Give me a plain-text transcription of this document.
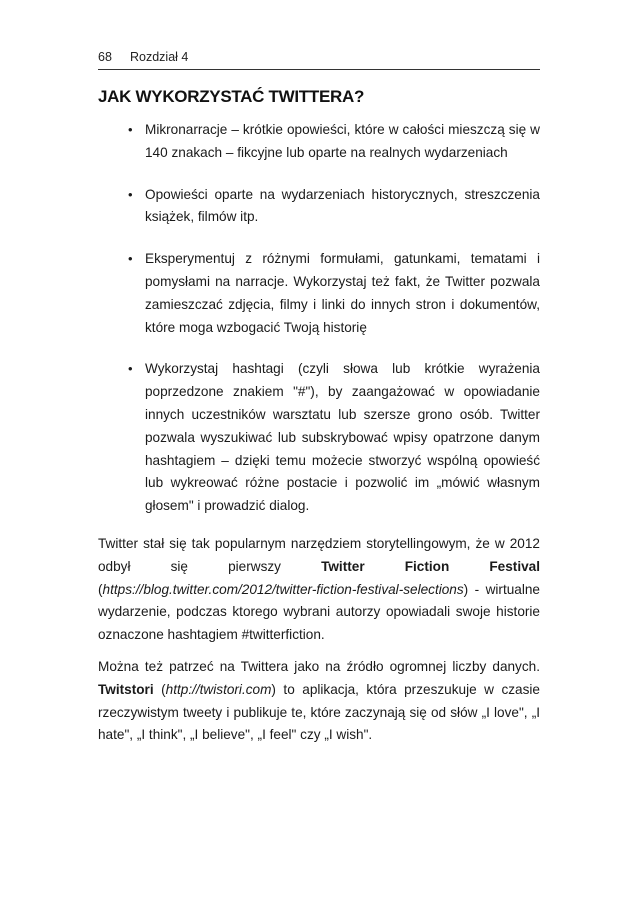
68 Rozdział 4
JAK WYKORZYSTAĆ TWITTERA?
• Mikronarracje – krótkie opowieści, które w całości mieszczą się w 140 znakach – fikcyjne lub oparte na realnych wydarzeniach
• Opowieści oparte na wydarzeniach historycznych, streszczenia książek, filmów itp.
• Eksperymentuj z różnymi formułami, gatunkami, tematami i pomysłami na narracje. Wykorzystaj też fakt, że Twitter pozwala zamieszczać zdjęcia, filmy i linki do innych stron i dokumentów, które moga wzbogacić Twoją historię
• Wykorzystaj hashtagi (czyli słowa lub krótkie wyrażenia poprzedzone znakiem "#"), by zaangażować w opowiadanie innych uczestników warsztatu lub szersze grono osób. Twitter pozwala wyszukiwać lub subskrybować wpisy opatrzone danym hashtagiem – dzięki temu możecie stworzyć wspólną opowieść lub wykreować różne postacie i pozwolić im „mówić własnym głosem" i prowadzić dialog.

Twitter stał się tak popularnym narzędziem storytellingowym, że w 2012 odbył się pierwszy Twitter Fiction Festival (https://blog.twitter.com/2012/twitter-fiction-festival-selections) - wirtualne wydarzenie, podczas ktorego wybrani autorzy opowiadali swoje historie oznaczone hashtagiem #twitterfiction.

Można też patrzeć na Twittera jako na źródło ogromnej liczby danych. Twitstori (http://twistori.com) to aplikacja, która przeszukuje w czasie rzeczywistym tweety i publikuje te, które zaczynają się od słów „I love", „I hate", „I think", „I believe", „I feel" czy „I wish".
